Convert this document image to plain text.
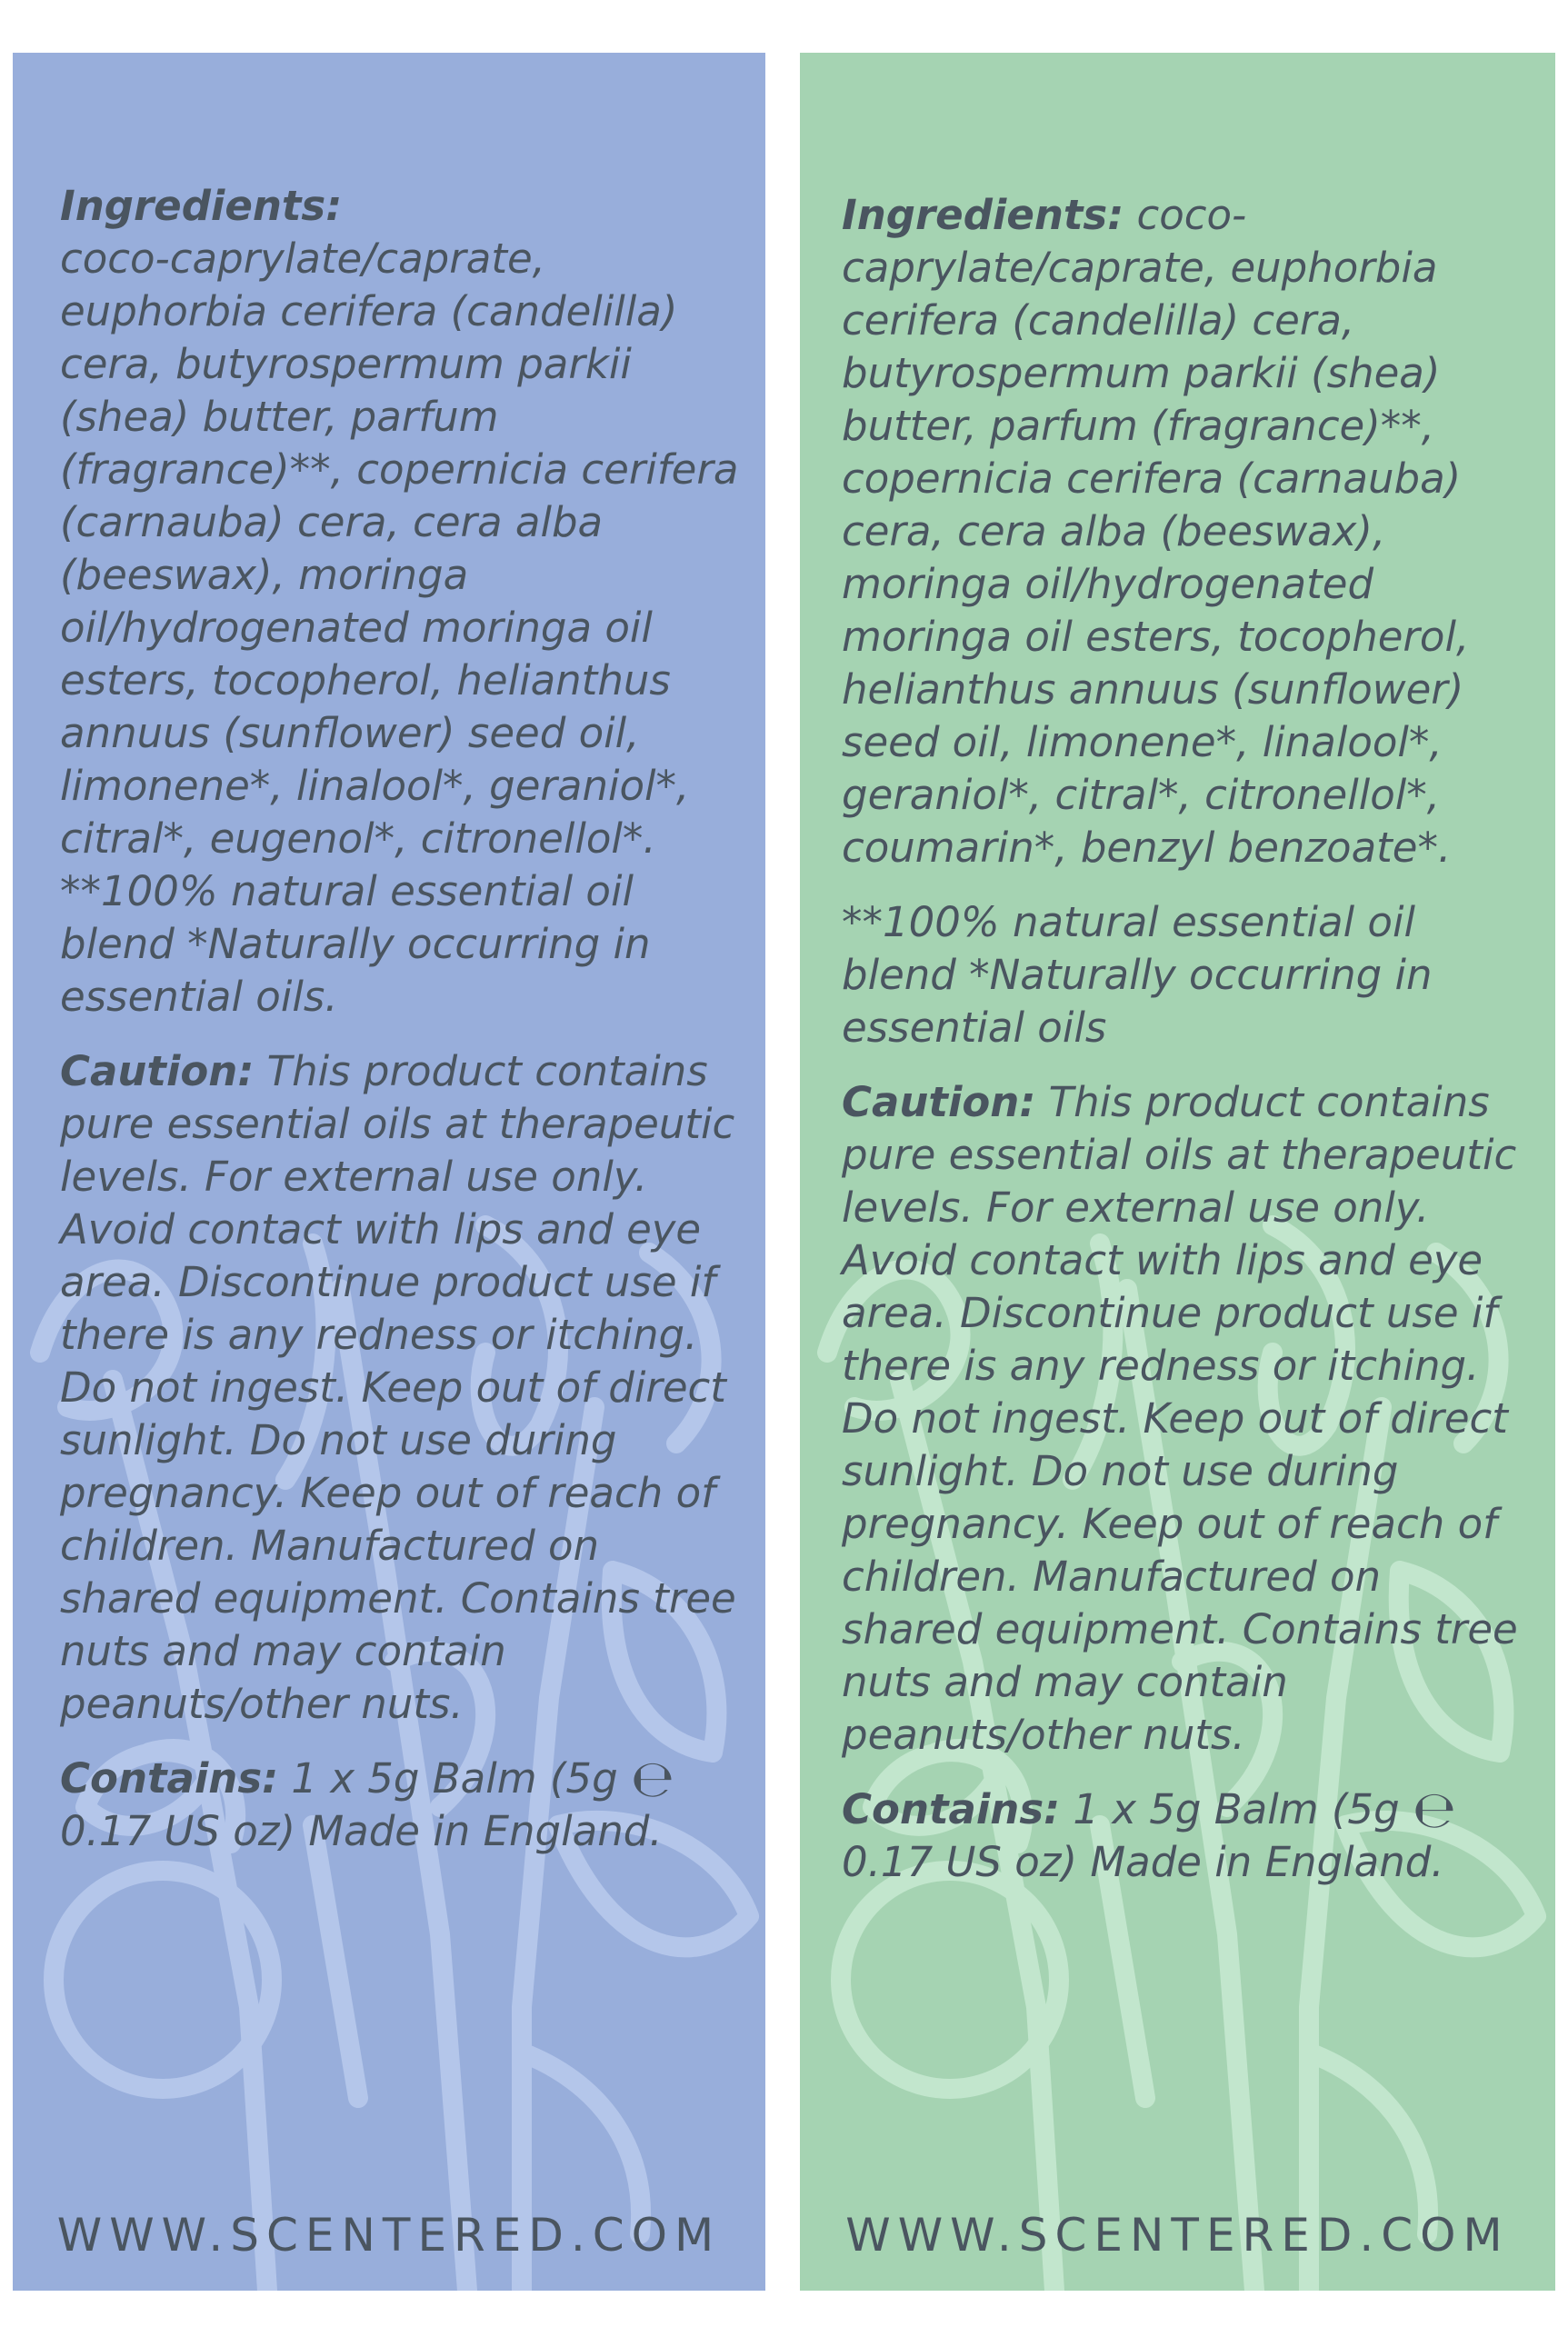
Ingredients:
coco-caprylate/caprate, euphorbia cerifera (candelilla) cera, butyrospermum parkii (shea) butter, parfum (fragrance)**, copernicia cerifera (carnauba) cera, cera alba (beeswax), moringa oil/hydrogenated moringa oil esters, tocopherol, helianthus annuus (sunflower) seed oil, limonene*, linalool*, geraniol*, citral*, eugenol*, citronellol*.
**100% natural essential oil blend *Naturally occurring in essential oils.

Caution: This product contains pure essential oils at therapeutic levels. For external use only. Avoid contact with lips and eye area. Discontinue product use if there is any redness or itching. Do not ingest. Keep out of direct sunlight. Do not use during pregnancy. Keep out of reach of children. Manufactured on shared equipment. Contains tree nuts and may contain peanuts/other nuts.

Contains: 1 x 5g Balm (5g ℮
0.17 US oz) Made in England.

WWW.SCENTERED.COM

Ingredients: coco-caprylate/caprate, euphorbia cerifera (candelilla) cera, butyrospermum parkii (shea) butter, parfum (fragrance)**, copernicia cerifera (carnauba) cera, cera alba (beeswax), moringa oil/hydrogenated moringa oil esters, tocopherol, helianthus annuus (sunflower) seed oil, limonene*, linalool*, geraniol*, citral*, citronellol*, coumarin*, benzyl benzoate*.

**100% natural essential oil blend *Naturally occurring in essential oils

Caution: This product contains pure essential oils at therapeutic levels. For external use only. Avoid contact with lips and eye area. Discontinue product use if there is any redness or itching. Do not ingest. Keep out of direct sunlight. Do not use during pregnancy. Keep out of reach of children. Manufactured on shared equipment. Contains tree nuts and may contain peanuts/other nuts.

Contains: 1 x 5g Balm (5g ℮
0.17 US oz) Made in England.

WWW.SCENTERED.COM
